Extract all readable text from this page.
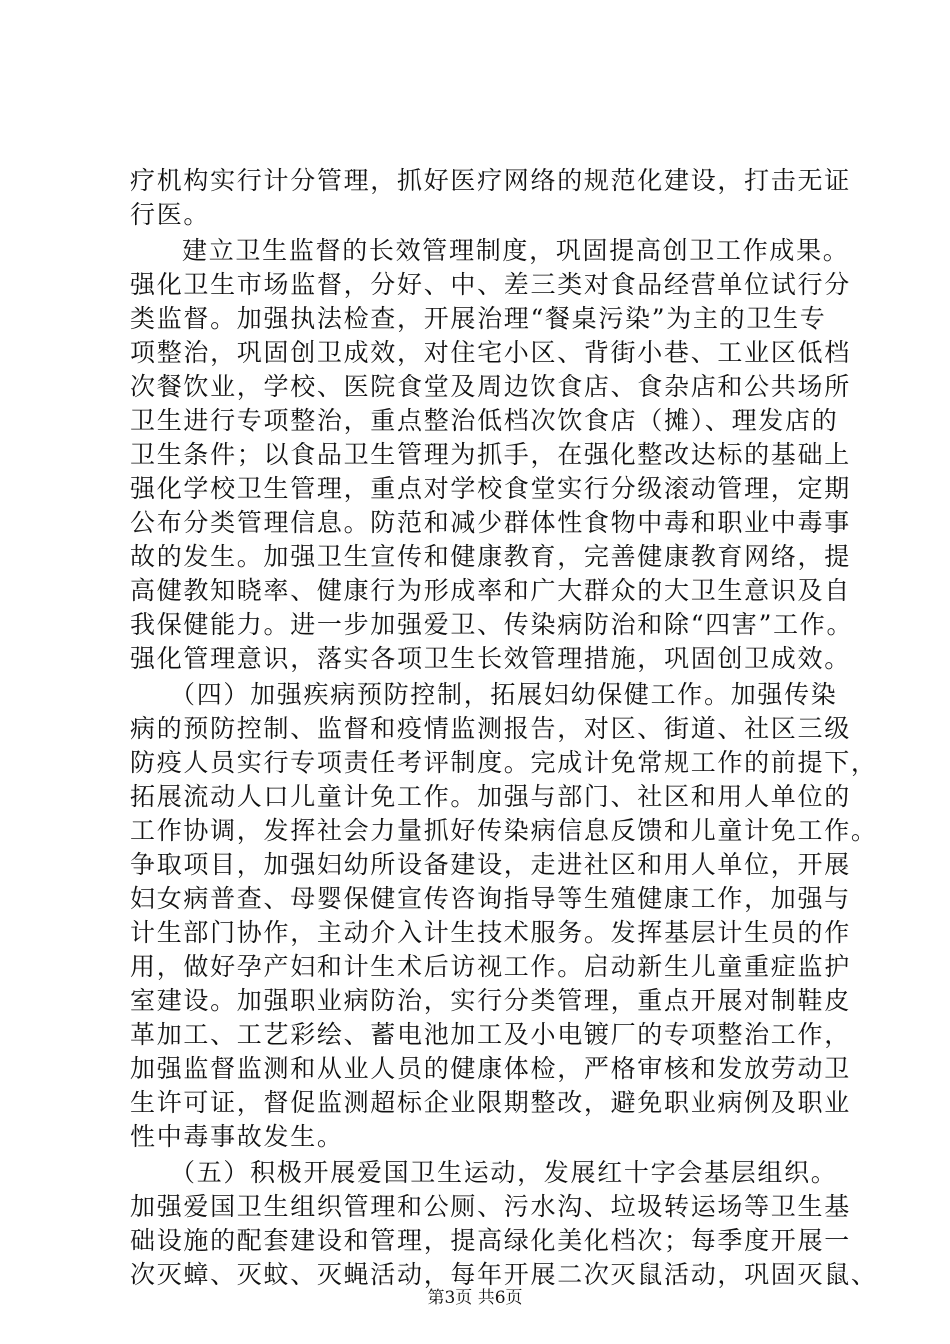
疗机构实行计分管理，抓好医疗网络的规范化建设，打击无证
行医。
建立卫生监督的长效管理制度，巩固提高创卫工作成果。
强化卫生市场监督，分好、中、差三类对食品经营单位试行分
类监督。加强执法检查，开展治理“餐桌污染”为主的卫生专
项整治，巩固创卫成效，对住宅小区、背街小巷、工业区低档
次餐饮业，学校、医院食堂及周边饮食店、食杂店和公共场所
卫生进行专项整治，重点整治低档次饮食店（摊）、理发店的
卫生条件；以食品卫生管理为抓手，在强化整改达标的基础上
强化学校卫生管理，重点对学校食堂实行分级滚动管理，定期
公布分类管理信息。防范和减少群体性食物中毒和职业中毒事
故的发生。加强卫生宣传和健康教育，完善健康教育网络，提
高健教知晓率、健康行为形成率和广大群众的大卫生意识及自
我保健能力。进一步加强爱卫、传染病防治和除“四害”工作。
强化管理意识，落实各项卫生长效管理措施，巩固创卫成效。
（四）加强疾病预防控制，拓展妇幼保健工作。加强传染
病的预防控制、监督和疫情监测报告，对区、街道、社区三级
防疫人员实行专项责任考评制度。完成计免常规工作的前提下，
拓展流动人口儿童计免工作。加强与部门、社区和用人单位的
工作协调，发挥社会力量抓好传染病信息反馈和儿童计免工作。
争取项目，加强妇幼所设备建设，走进社区和用人单位，开展
妇女病普查、母婴保健宣传咨询指导等生殖健康工作，加强与
计生部门协作，主动介入计生技术服务。发挥基层计生员的作
用，做好孕产妇和计生术后访视工作。启动新生儿童重症监护
室建设。加强职业病防治，实行分类管理，重点开展对制鞋皮
革加工、工艺彩绘、蓄电池加工及小电镀厂的专项整治工作，
加强监督监测和从业人员的健康体检，严格审核和发放劳动卫
生许可证，督促监测超标企业限期整改，避免职业病例及职业
性中毒事故发生。
（五）积极开展爱国卫生运动，发展红十字会基层组织。
加强爱国卫生组织管理和公厕、污水沟、垃圾转运场等卫生基
础设施的配套建设和管理，提高绿化美化档次；每季度开展一
次灭蟑、灭蚊、灭蝇活动，每年开展二次灭鼠活动，巩固灭鼠、
第3页 共6页
